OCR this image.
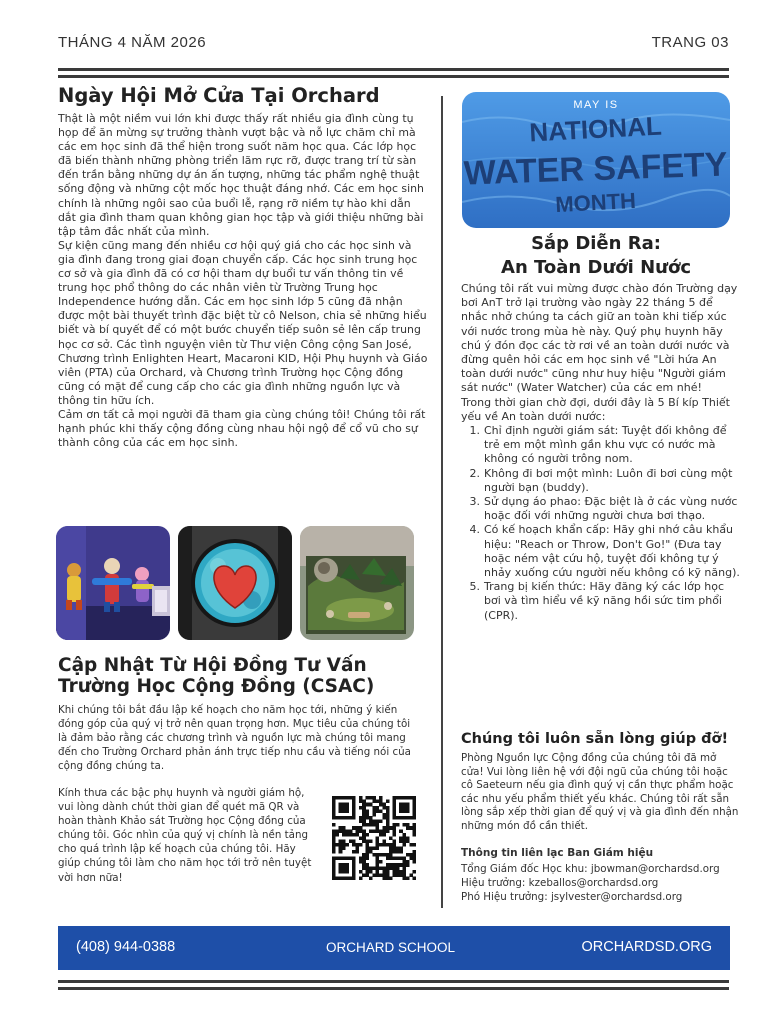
THÁNG 4 NĂM 2026	TRANG 03
Ngày Hội Mở Cửa Tại Orchard

Thật là một niềm vui lớn khi được thấy rất nhiều gia đình cùng tụ họp để ăn mừng sự trưởng thành vượt bậc và nỗ lực chăm chỉ mà các em học sinh đã thể hiện trong suốt năm học qua. Các lớp học đã biến thành những phòng triển lãm rực rỡ, được trang trí từ sàn đến trần bằng những dự án ấn tượng, những tác phẩm nghệ thuật sống động và những cột mốc học thuật đáng nhớ. Các em học sinh chính là những ngôi sao của buổi lễ, rạng rỡ niềm tự hào khi dẫn dắt gia đình tham quan không gian học tập và giới thiệu những bài tập tâm đắc nhất của mình.

Sự kiện cũng mang đến nhiều cơ hội quý giá cho các học sinh và gia đình đang trong giai đoạn chuyển cấp. Các học sinh trung học cơ sở và gia đình đã có cơ hội tham dự buổi tư vấn thông tin về trung học phổ thông do các nhân viên từ Trường Trung học Independence hướng dẫn. Các em học sinh lớp 5 cũng đã nhận được một bài thuyết trình đặc biệt từ cô Nelson, chia sẻ những hiểu biết và bí quyết để có một bước chuyển tiếp suôn sẻ lên cấp trung học cơ sở. Các tình nguyện viên từ Thư viện Công cộng San José, Chương trình Enlighten Heart, Macaroni KID, Hội Phụ huynh và Giáo viên (PTA) của Orchard, và Chương trình Trường học Cộng đồng cũng có mặt để cung cấp cho các gia đình những nguồn lực và thông tin hữu ích.

Cảm ơn tất cả mọi người đã tham gia cùng chúng tôi! Chúng tôi rất hạnh phúc khi thấy cộng đồng cùng nhau hội ngộ để cổ vũ cho sự thành công của các em học sinh.

Cập Nhật Từ Hội Đồng Tư Vấn Trường Học Cộng Đồng (CSAC)
Khi chúng tôi bắt đầu lập kế hoạch cho năm học tới, những ý kiến đóng góp của quý vị trở nên quan trọng hơn. Mục tiêu của chúng tôi là đảm bảo rằng các chương trình và nguồn lực mà chúng tôi mang đến cho Trường Orchard phản ánh trực tiếp nhu cầu và tiếng nói của cộng đồng chúng ta.
Kính thưa các bậc phụ huynh và người giám hộ, vui lòng dành chút thời gian để quét mã QR và hoàn thành Khảo sát Trường học Cộng đồng của chúng tôi. Góc nhìn của quý vị chính là nền tảng cho quá trình lập kế hoạch của chúng tôi. Hãy giúp chúng tôi làm cho năm học tới trở nên tuyệt vời hơn nữa!
MAY IS
NATIONAL
WATER SAFETY
MONTH
Sắp Diễn Ra:
An Toàn Dưới Nước

Chúng tôi rất vui mừng được chào đón Trường dạy bơi AnT trở lại trường vào ngày 22 tháng 5 để nhắc nhở chúng ta cách giữ an toàn khi tiếp xúc với nước trong mùa hè này. Quý phụ huynh hãy chú ý đón đọc các tờ rơi về an toàn dưới nước và đừng quên hỏi các em học sinh về "Lời hứa An toàn dưới nước" cũng như huy hiệu "Người giám sát nước" (Water Watcher) của các em nhé!

Trong thời gian chờ đợi, dưới đây là 5 Bí kíp Thiết yếu về An toàn dưới nước:

1. Chỉ định người giám sát: Tuyệt đối không để trẻ em một mình gần khu vực có nước mà không có người trông nom.
2. Không đi bơi một mình: Luôn đi bơi cùng một người bạn (buddy).
3. Sử dụng áo phao: Đặc biệt là ở các vùng nước hoặc đối với những người chưa bơi thạo.
4. Có kế hoạch khẩn cấp: Hãy ghi nhớ câu khẩu hiệu: "Reach or Throw, Don't Go!" (Đưa tay hoặc ném vật cứu hộ, tuyệt đối không tự ý nhảy xuống cứu người nếu không có kỹ năng).
5. Trang bị kiến thức: Hãy đăng ký các lớp học bơi và tìm hiểu về kỹ năng hồi sức tim phổi (CPR).
Chúng tôi luôn sẵn lòng giúp đỡ!
Phòng Nguồn lực Cộng đồng của chúng tôi đã mở cửa! Vui lòng liên hệ với đội ngũ của chúng tôi hoặc cô Saeteurn nếu gia đình quý vị cần thực phẩm hoặc các nhu yếu phẩm thiết yếu khác. Chúng tôi rất sẵn lòng sắp xếp thời gian để quý vị và gia đình đến nhận những món đồ cần thiết.
Thông tin liên lạc Ban Giám hiệu
Tổng Giám đốc Học khu: jbowman@orchardsd.org
Hiệu trưởng: kzeballos@orchardsd.org
Phó Hiệu trưởng: jsylvester@orchardsd.org
(408) 944-0388	ORCHARD SCHOOL	ORCHARDSD.ORG
